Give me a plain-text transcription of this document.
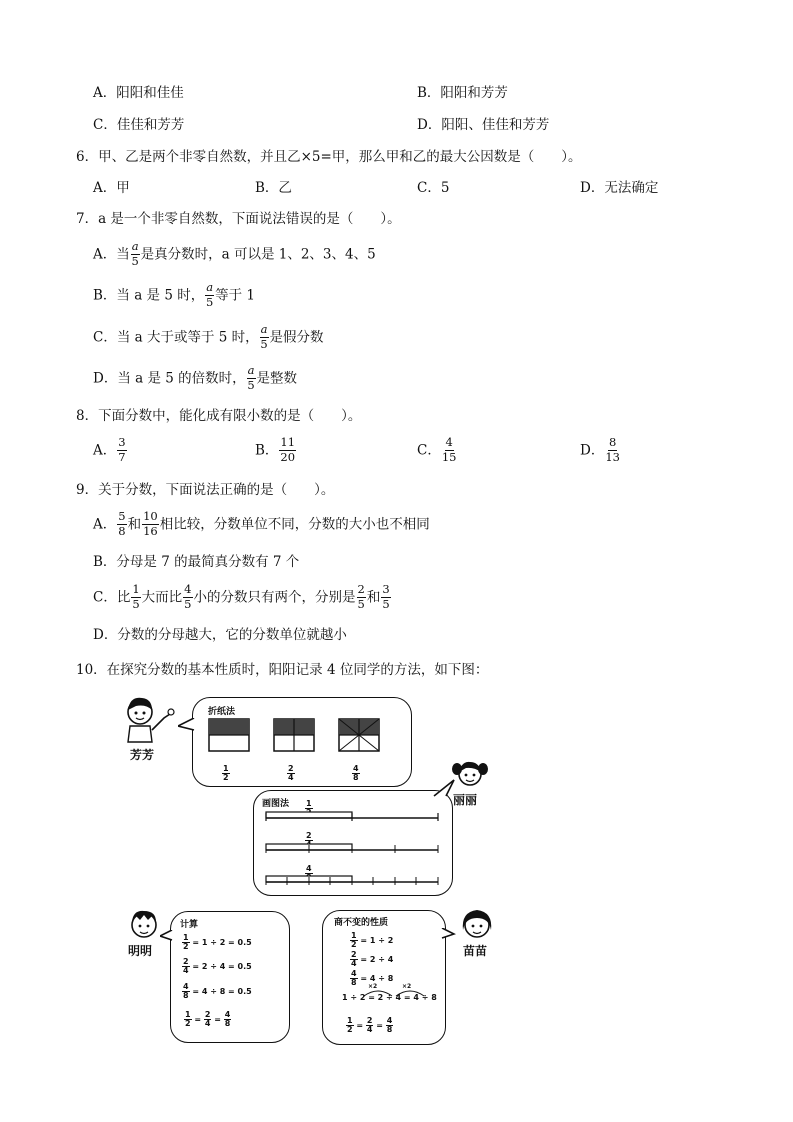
A．阳阳和佳佳	B．阳阳和芳芳
C．佳佳和芳芳	D．阳阳、佳佳和芳芳
6．甲、乙是两个非零自然数，并且乙×5=甲，那么甲和乙的最大公因数是（　　）。
A．甲	B．乙	C．5	D．无法确定
7．a 是一个非零自然数，下面说法错误的是（　　）。
A．当 $\frac{a}{5}$ 是真分数时，a 可以是 1、2、3、4、5
B．当 a 是 5 时， $\frac{a}{5}$ 等于 1
C．当 a 大于或等于 5 时， $\frac{a}{5}$ 是假分数
D．当 a 是 5 的倍数时， $\frac{a}{5}$ 是整数
8．下面分数中，能化成有限小数的是（　　）。
A． $\frac{3}{7}$	B． $\frac{11}{20}$	C． $\frac{4}{15}$	D． $\frac{8}{13}$
9．关于分数，下面说法正确的是（　　）。
A． $\frac{5}{8}$ 和 $\frac{10}{16}$ 相比较，分数单位不同，分数的大小也不相同
B．分母是 7 的最简真分数有 7 个
C．比 $\frac{1}{5}$ 大而比 $\frac{4}{5}$ 小的分数只有两个，分别是 $\frac{2}{5}$ 和 $\frac{3}{5}$
D．分数的分母越大，它的分数单位就越小
10．在探究分数的基本性质时，阳阳记录 4 位同学的方法，如下图：
芳芳
折纸法
$\frac{1}{2}$	$\frac{2}{4}$	$\frac{4}{8}$
丽丽
画图法 1
2
4
明明
计算
$\frac{1}{2} = 1 \div 2 = 0.5$
$\frac{2}{4} = 2 \div 4 = 0.5$
$\frac{4}{8} = 4 \div 8 = 0.5$
$\frac{1}{2} = \frac{2}{4} = \frac{4}{8}$
苗苗
商不变的性质
$\frac{1}{2} = 1 \div 2$
$\frac{2}{4} = 2 \div 4$
$\frac{4}{8} = 4 \div 8$
×2	×2
1 ÷ 2 = 2 ÷ 4 = 4 ÷ 8
$\frac{1}{2} = \frac{2}{4} = \frac{4}{8}$
